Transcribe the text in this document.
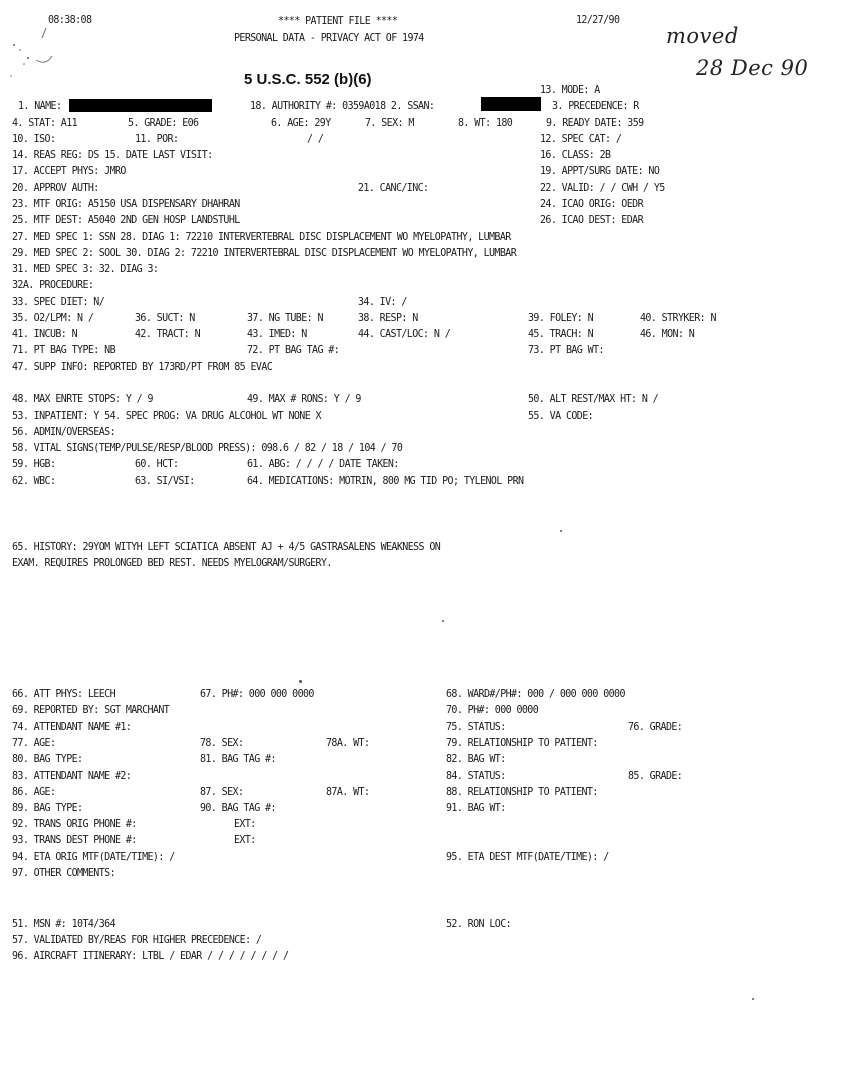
08:38:08	**** PATIENT FILE ****
PERSONAL DATA - PRIVACY ACT OF 1974
12/27/90
moved
28 Dec 90
5 U.S.C. 552 (b)(6)
13. MODE: A
1. NAME:	18. AUTHORITY #: 0359A018 2. SSAN:	3. PRECEDENCE: R
4. STAT: A11	5. GRADE: E06	6. AGE: 29Y	7. SEX: M	8. WT: 180	9. READY DATE: 359
10. ISO:	11. POR:	/ /	12. SPEC CAT: /
14. REAS REG: DS 15. DATE LAST VISIT:	16. CLASS: 2B
17. ACCEPT PHYS: JMRO	19. APPT/SURG DATE: NO
20. APPROV AUTH:	21. CANC/INC:	22. VALID: / / CWH / Y5
23. MTF ORIG: A5150 USA DISPENSARY DHAHRAN	24. ICAO ORIG: OEDR
25. MTF DEST: A5040 2ND GEN HOSP LANDSTUHL	26. ICAO DEST: EDAR
27. MED SPEC 1: SSN 28. DIAG 1: 72210 INTERVERTEBRAL DISC DISPLACEMENT WO MYELOPATHY, LUMBAR
29. MED SPEC 2: SOOL 30. DIAG 2: 72210 INTERVERTEBRAL DISC DISPLACEMENT WO MYELOPATHY, LUMBAR
31. MED SPEC 3: 32. DIAG 3:
32A. PROCEDURE:
33. SPEC DIET: N/	34. IV: /
35. O2/LPM: N /	36. SUCT: N	37. NG TUBE: N	38. RESP: N	39. FOLEY: N	40. STRYKER: N
41. INCUB: N	42. TRACT: N	43. IMED: N	44. CAST/LOC: N /	45. TRACH: N	46. MON: N
71. PT BAG TYPE: NB	72. PT BAG TAG #:	73. PT BAG WT:
47. SUPP INFO: REPORTED BY 173RD/PT FROM 85 EVAC
48. MAX ENRTE STOPS: Y / 9	49. MAX # RONS: Y / 9	50. ALT REST/MAX HT: N /
53. INPATIENT: Y 54. SPEC PROG: VA DRUG ALCOHOL WT NONE X	55. VA CODE:
56. ADMIN/OVERSEAS:
58. VITAL SIGNS(TEMP/PULSE/RESP/BLOOD PRESS): 098.6 / 82 / 18 / 104 / 70
59. HGB:	60. HCT:	61. ABG: / / / / DATE TAKEN:
62. WBC:	63. SI/VSI:	64. MEDICATIONS: MOTRIN, 800 MG TID PO; TYLENOL PRN
65. HISTORY: 29YOM WITYH LEFT SCIATICA ABSENT AJ + 4/5 GASTRASALENS WEAKNESS ON
EXAM. REQUIRES PROLONGED BED REST. NEEDS MYELOGRAM/SURGERY.
66. ATT PHYS: LEECH	67. PH#: 000 000 0000	68. WARD#/PH#: 000 / 000 000 0000
69. REPORTED BY: SGT MARCHANT	70. PH#: 000 0000
74. ATTENDANT NAME #1:	75. STATUS:	76. GRADE:
77. AGE:	78. SEX:	78A. WT:	79. RELATIONSHIP TO PATIENT:
80. BAG TYPE:	81. BAG TAG #:	82. BAG WT:
83. ATTENDANT NAME #2:	84. STATUS:	85. GRADE:
86. AGE:	87. SEX:	87A. WT:	88. RELATIONSHIP TO PATIENT:
89. BAG TYPE:	90. BAG TAG #:	91. BAG WT:
92. TRANS ORIG PHONE #:	EXT:
93. TRANS DEST PHONE #:	EXT:
94. ETA ORIG MTF(DATE/TIME): /	95. ETA DEST MTF(DATE/TIME): /
97. OTHER COMMENTS:
51. MSN #: 10T4/364	52. RON LOC:
57. VALIDATED BY/REAS FOR HIGHER PRECEDENCE: /
96. AIRCRAFT ITINERARY: LTBL / EDAR / / / / / / / /
